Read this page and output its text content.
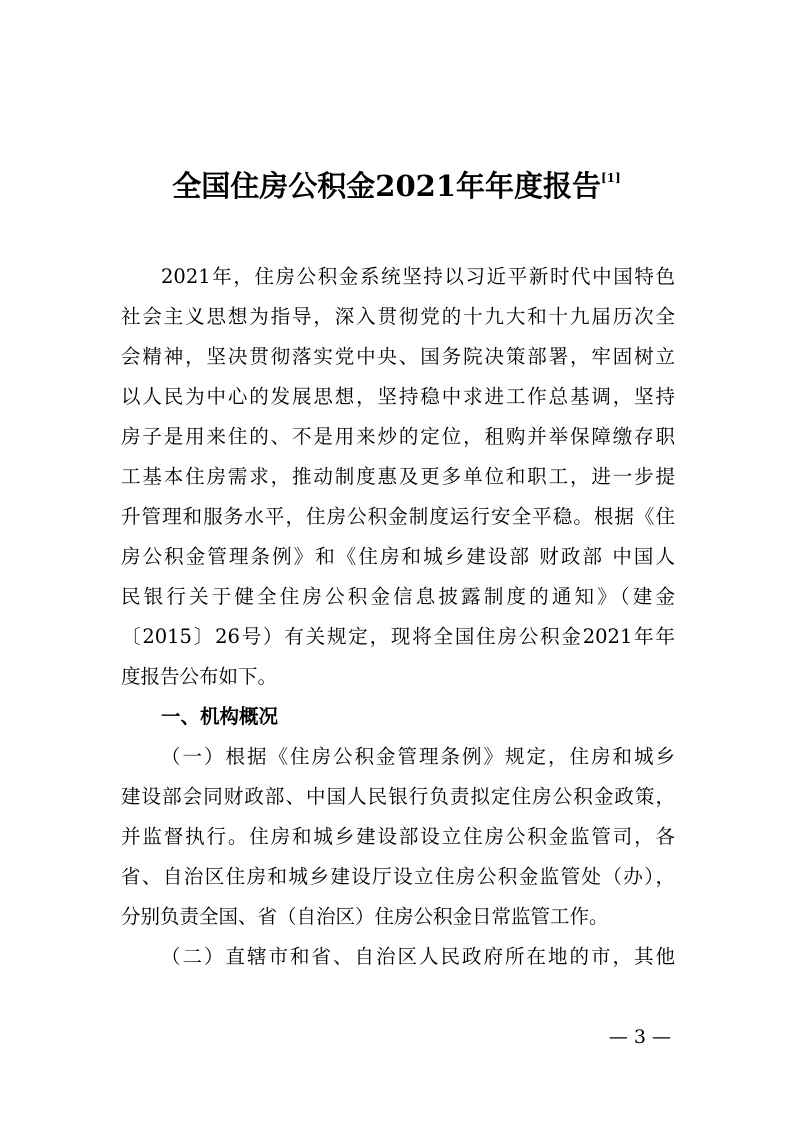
全国住房公积金2021年年度报告[1]
2021年，住房公积金系统坚持以习近平新时代中国特色
社会主义思想为指导，深入贯彻党的十九大和十九届历次全
会精神，坚决贯彻落实党中央、国务院决策部署，牢固树立
以人民为中心的发展思想，坚持稳中求进工作总基调，坚持
房子是用来住的、不是用来炒的定位，租购并举保障缴存职
工基本住房需求，推动制度惠及更多单位和职工，进一步提
升管理和服务水平，住房公积金制度运行安全平稳。根据《住
房公积金管理条例》和《住房和城乡建设部 财政部 中国人
民银行关于健全住房公积金信息披露制度的通知》（建金
〔2015〕26号）有关规定，现将全国住房公积金2021年年
度报告公布如下。
一、机构概况
（一）根据《住房公积金管理条例》规定，住房和城乡
建设部会同财政部、中国人民银行负责拟定住房公积金政策，
并监督执行。住房和城乡建设部设立住房公积金监管司，各
省、自治区住房和城乡建设厅设立住房公积金监管处（办），
分别负责全国、省（自治区）住房公积金日常监管工作。
（二）直辖市和省、自治区人民政府所在地的市，其他
— 3 —
